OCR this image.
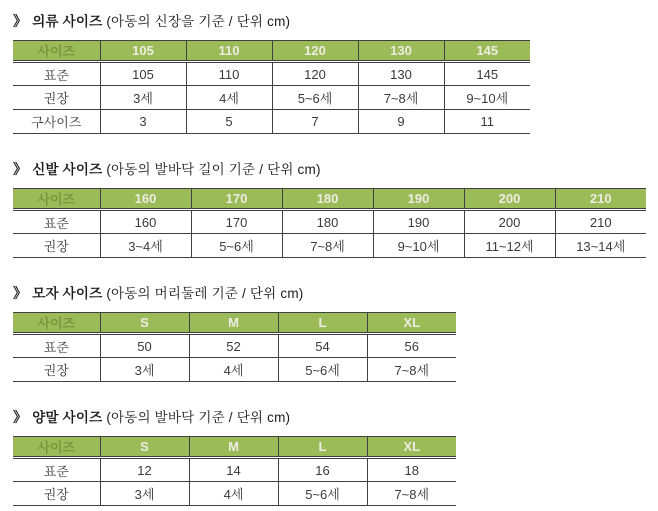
》 의류 사이즈 (아동의 신장을 기준 / 단위 cm)
사이즈	105	110	120	130	145
표준	105	110	120	130	145
권장	3세	4세	5~6세	7~8세	9~10세
구사이즈	3	5	7	9	11
》 신발 사이즈 (아동의 발바닥 길이 기준 / 단위 cm)
사이즈	160	170	180	190	200	210
표준	160	170	180	190	200	210
권장	3~4세	5~6세	7~8세	9~10세	11~12세	13~14세
》 모자 사이즈 (아동의 머리둘레 기준 / 단위 cm)
사이즈	S	M	L	XL
표준	50	52	54	56
권장	3세	4세	5~6세	7~8세
》 양말 사이즈 (아동의 발바닥 기준 / 단위 cm)
사이즈	S	M	L	XL
표준	12	14	16	18
권장	3세	4세	5~6세	7~8세
